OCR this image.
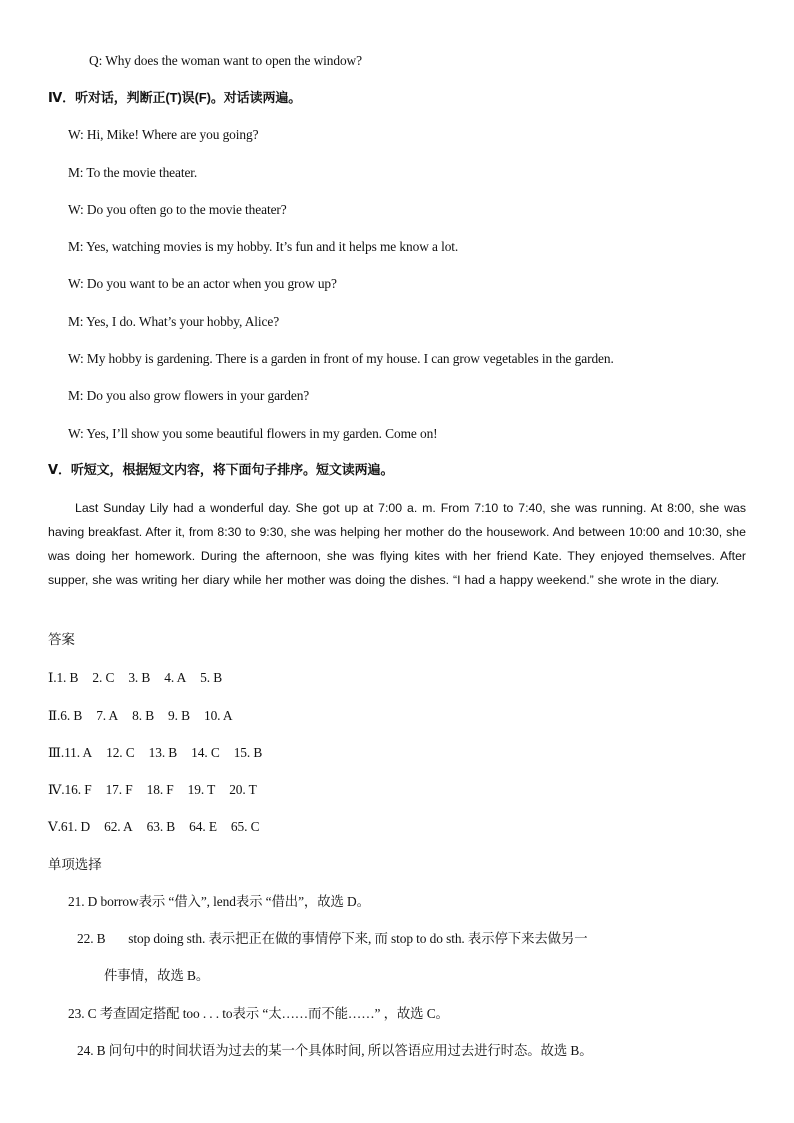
Q: Why does the woman want to open the window?
Ⅳ．听对话，判断正(T)误(F)。对话读两遍。
W: Hi, Mike! Where are you going?
M: To the movie theater.
W: Do you often go to the movie theater?
M: Yes, watching movies is my hobby. It’s fun and it helps me know a lot.
W: Do you want to be an actor when you grow up?
M: Yes, I do. What’s your hobby, Alice?
W: My hobby is gardening. There is a garden in front of my house. I can grow vegetables in the garden.
M: Do you also grow flowers in your garden?
W: Yes, I’ll show you some beautiful flowers in my garden. Come on!
Ⅴ．听短文，根据短文内容，将下面句子排序。短文读两遍。
Last Sunday Lily had a wonderful day. She got up at 7:00 a. m. From 7:10 to 7:40, she was running. At 8:00, she was having breakfast. After it, from 8:30 to 9:30, she was helping her mother do the housework. And between 10:00 and 10:30, she was doing her homework. During the afternoon, she was flying kites with her friend Kate. They enjoyed themselves. After supper, she was writing her diary while her mother was doing the dishes. “I had a happy weekend.” she wrote in the diary.
答案
Ⅰ.1. B 2. C 3. B 4. A 5. B
Ⅱ.6. B 7. A 8. B 9. B 10. A
Ⅲ.11. A 12. C 13. B 14. C 15. B
Ⅳ.16. F 17. F 18. F 19. T 20. T
Ⅴ.61. D 62. A 63. B 64. E 65. C
单项选择
21. D borrow表示 “借入”, lend表示 “借出”，故选 D。
22. B       stop doing sth. 表示把正在做的事情停下来, 而 stop to do sth. 表示停下来去做另一
件事情，故选 B。
23. C 考查固定搭配 too . . . to表示 “太……而不能……” ，故选 C。
24. B 问句中的时间状语为过去的某一个具体时间, 所以答语应用过去进行时态。故选 B。
